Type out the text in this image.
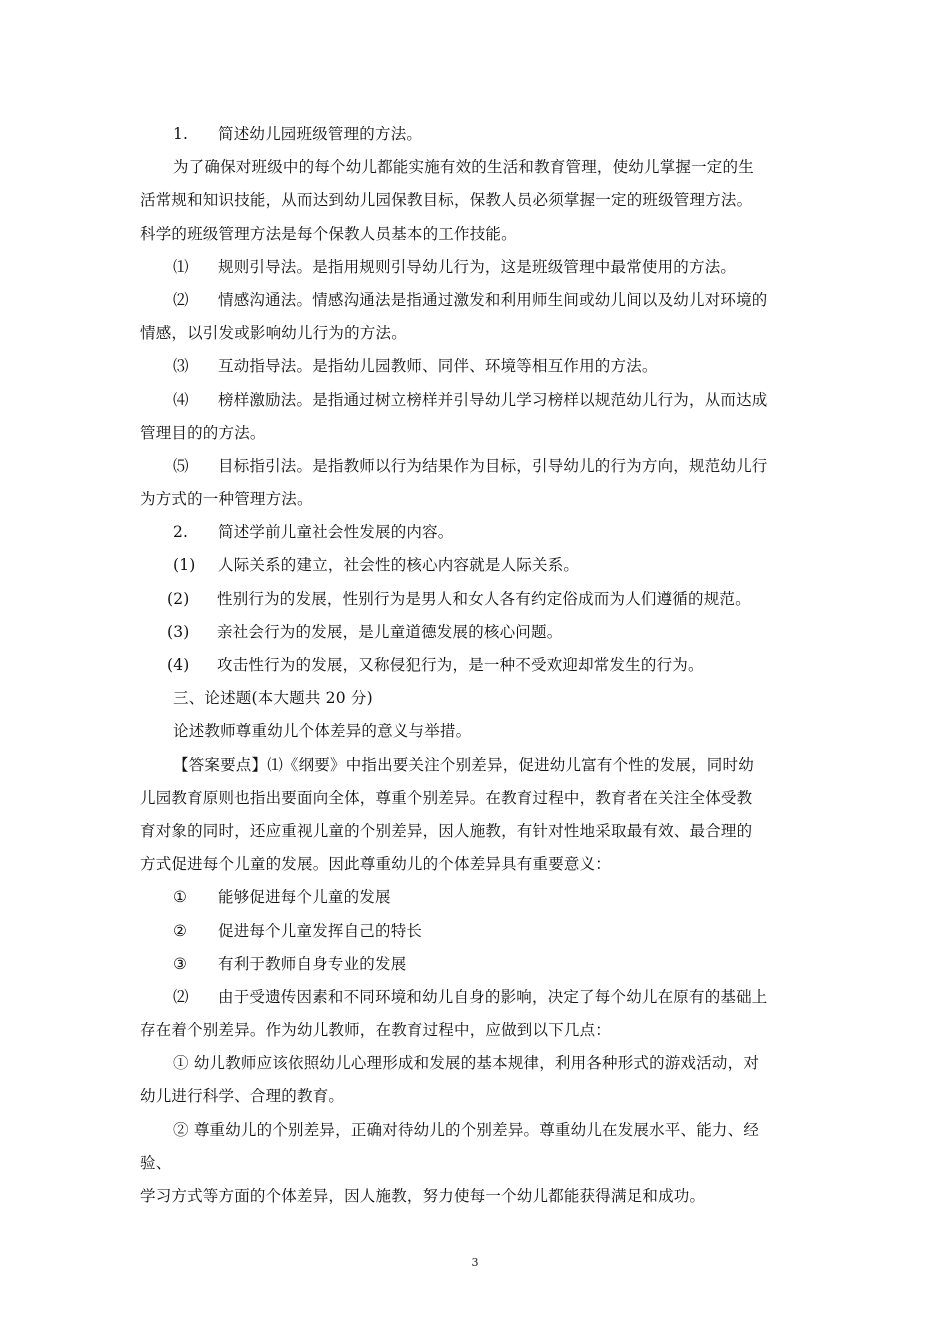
1. 简述幼儿园班级管理的方法。
为了确保对班级中的每个幼儿都能实施有效的生活和教育管理，使幼儿掌握一定的生
活常规和知识技能，从而达到幼儿园保教目标，保教人员必须掌握一定的班级管理方法。
科学的班级管理方法是每个保教人员基本的工作技能。
⑴ 规则引导法。是指用规则引导幼儿行为，这是班级管理中最常使用的方法。
⑵ 情感沟通法。情感沟通法是指通过激发和利用师生间或幼儿间以及幼儿对环境的
情感，以引发或影响幼儿行为的方法。
⑶ 互动指导法。是指幼儿园教师、同伴、环境等相互作用的方法。
⑷ 榜样激励法。是指通过树立榜样并引导幼儿学习榜样以规范幼儿行为，从而达成
管理目的的方法。
⑸ 目标指引法。是指教师以行为结果作为目标，引导幼儿的行为方向，规范幼儿行
为方式的一种管理方法。
2. 简述学前儿童社会性发展的内容。
(1) 人际关系的建立，社会性的核心内容就是人际关系。
(2) 性别行为的发展，性别行为是男人和女人各有约定俗成而为人们遵循的规范。
(3) 亲社会行为的发展，是儿童道德发展的核心问题。
(4) 攻击性行为的发展，又称侵犯行为，是一种不受欢迎却常发生的行为。
三、论述题(本大题共 20 分)
论述教师尊重幼儿个体差异的意义与举措。
【答案要点】⑴《纲要》中指出要关注个别差异，促进幼儿富有个性的发展，同时幼
儿园教育原则也指出要面向全体，尊重个别差异。在教育过程中，教育者在关注全体受教
育对象的同时，还应重视儿童的个别差异，因人施教，有针对性地采取最有效、最合理的
方式促进每个儿童的发展。因此尊重幼儿的个体差异具有重要意义：
① 能够促进每个儿童的发展
② 促进每个儿童发挥自己的特长
③ 有利于教师自身专业的发展
⑵ 由于受遗传因素和不同环境和幼儿自身的影响，决定了每个幼儿在原有的基础上
存在着个别差异。作为幼儿教师，在教育过程中，应做到以下几点：
① 幼儿教师应该依照幼儿心理形成和发展的基本规律，利用各种形式的游戏活动，对
幼儿进行科学、合理的教育。
② 尊重幼儿的个别差异，正确对待幼儿的个别差异。尊重幼儿在发展水平、能力、经
验、
学习方式等方面的个体差异，因人施教，努力使每一个幼儿都能获得满足和成功。
3
